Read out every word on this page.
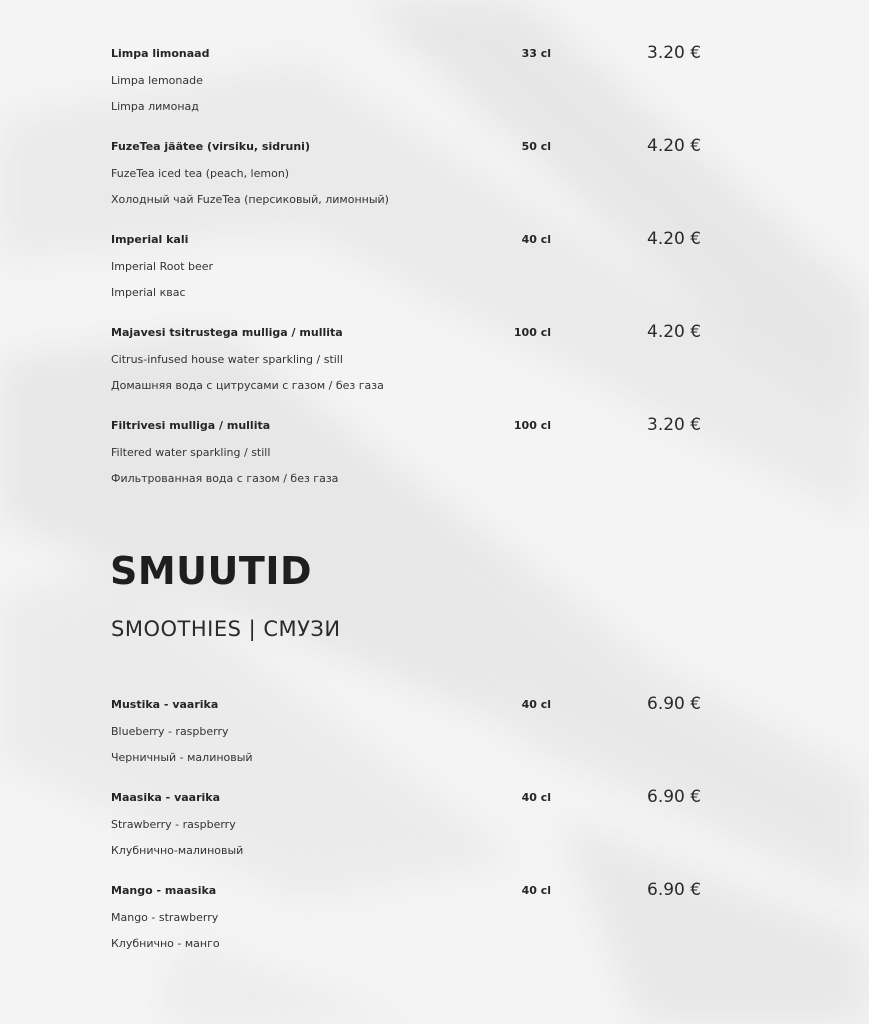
Limpa limonaad
Limpa lemonade
Limpa лимонад
33 cl	3.20 €
FuzeTea jäätee (virsiku, sidruni)
FuzeTea iced tea (peach, lemon)
Холодный чай FuzeTea (персиковый, лимонный)
50 cl	4.20 €
Imperial kali
Imperial Root beer
Imperial квас
40 cl	4.20 €
Majavesi tsitrustega mulliga / mullita
Citrus-infused house water sparkling / still
Домашняя вода с цитрусами с газом / без газа
100 cl	4.20 €
Filtrivesi mulliga / mullita
Filtered water sparkling / still
Фильтрованная вода с газом / без газа
100 cl	3.20 €
SMUUTID
SMOOTHIES | СМУЗИ
Mustika - vaarika
Blueberry - raspberry
Черничный - малиновый
40 cl	6.90 €
Maasika - vaarika
Strawberry - raspberry
Клубнично-малиновый
40 cl	6.90 €
Mango - maasika
Mango - strawberry
Клубнично - манго
40 cl	6.90 €
